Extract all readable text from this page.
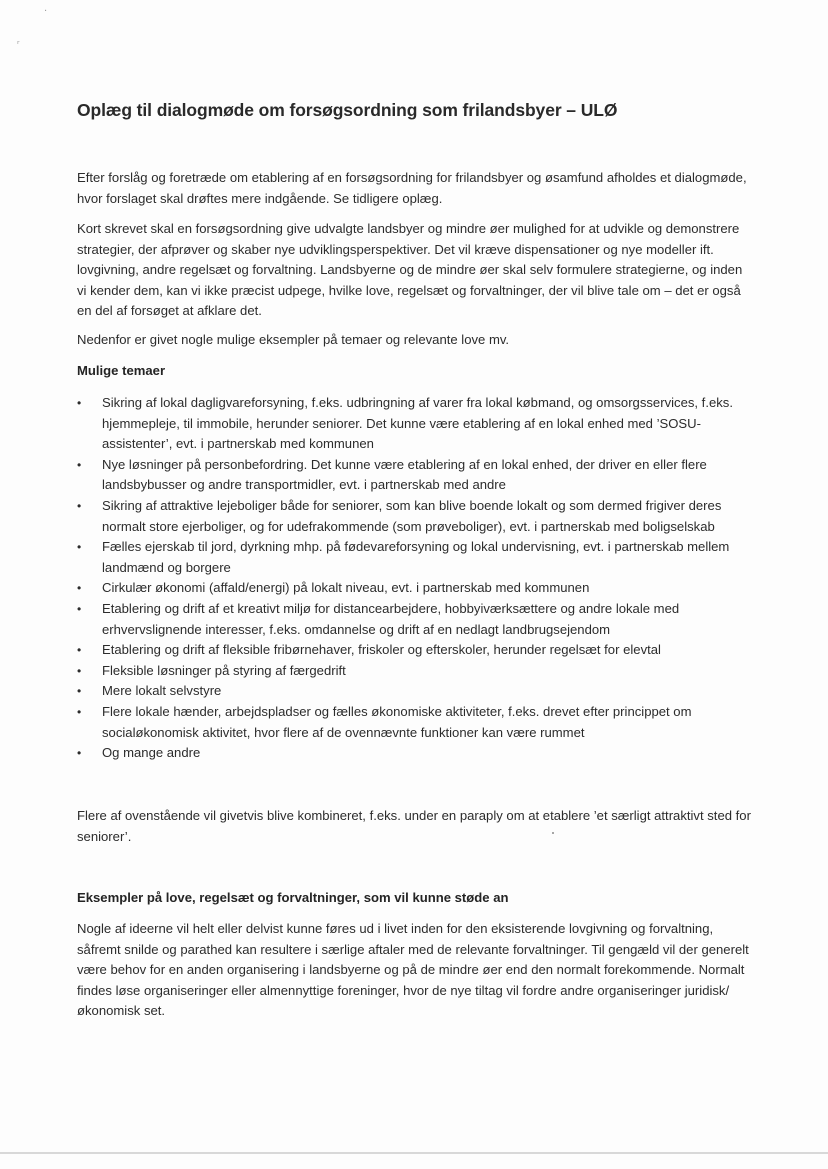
·
ᵣ
Oplæg til dialogmøde om forsøgsordning som frilandsbyer – ULØ

Efter forslåg og foretræde om etablering af en forsøgsordning for frilandsbyer og øsamfund afholdes et dialogmøde, hvor forslaget skal drøftes mere indgående. Se tidligere oplæg.

Kort skrevet skal en forsøgsordning give udvalgte landsbyer og mindre øer mulighed for at udvikle og demonstrere strategier, der afprøver og skaber nye udviklingsperspektiver. Det vil kræve dispensationer og nye modeller ift. lovgivning, andre regelsæt og forvaltning. Landsbyerne og de mindre øer skal selv formulere strategierne, og inden vi kender dem, kan vi ikke præcist udpege, hvilke love, regelsæt og forvaltninger, der vil blive tale om – det er også en del af forsøget at afklare det.

Nedenfor er givet nogle mulige eksempler på temaer og relevante love mv.

Mulige temaer
•	Sikring af lokal dagligvareforsyning, f.eks. udbringning af varer fra lokal købmand, og omsorgsservices, f.eks. hjemmepleje, til immobile, herunder seniorer. Det kunne være etablering af en lokal enhed med ’SOSU-assistenter’, evt. i partnerskab med kommunen
•	Nye løsninger på personbefordring. Det kunne være etablering af en lokal enhed, der driver en eller flere landsbybusser og andre transportmidler, evt. i partnerskab med andre
•	Sikring af attraktive lejeboliger både for seniorer, som kan blive boende lokalt og som dermed frigiver deres normalt store ejerboliger, og for udefrakommende (som prøveboliger), evt. i partnerskab med boligselskab
•	Fælles ejerskab til jord, dyrkning mhp. på fødevareforsyning og lokal undervisning, evt. i partnerskab mellem landmænd og borgere
•	Cirkulær økonomi (affald/energi) på lokalt niveau, evt. i partnerskab med kommunen
•	Etablering og drift af et kreativt miljø for distancearbejdere, hobbyiværksættere og andre lokale med erhvervslignende interesser, f.eks. omdannelse og drift af en nedlagt landbrugsejendom
•	Etablering og drift af fleksible fribørnehaver, friskoler og efterskoler, herunder regelsæt for elevtal
•	Fleksible løsninger på styring af færgedrift
•	Mere lokalt selvstyre
•	Flere lokale hænder, arbejdspladser og fælles økonomiske aktiviteter, f.eks. drevet efter princippet om socialøkonomisk aktivitet, hvor flere af de ovennævnte funktioner kan være rummet
•	Og mange andre

Flere af ovenstående vil givetvis blive kombineret, f.eks. under en paraply om at etablere ’et særligt attraktivt sted for seniorer’.

Eksempler på love, regelsæt og forvaltninger, som vil kunne støde an

Nogle af ideerne vil helt eller delvist kunne føres ud i livet inden for den eksisterende lovgivning og forvaltning, såfremt snilde og parathed kan resultere i særlige aftaler med de relevante forvaltninger. Til gengæld vil der generelt være behov for en anden organisering i landsbyerne og på de mindre øer end den normalt forekommende. Normalt findes løse organiseringer eller almennyttige foreninger, hvor de nye tiltag vil fordre andre organiseringer juridisk/økonomisk set.
